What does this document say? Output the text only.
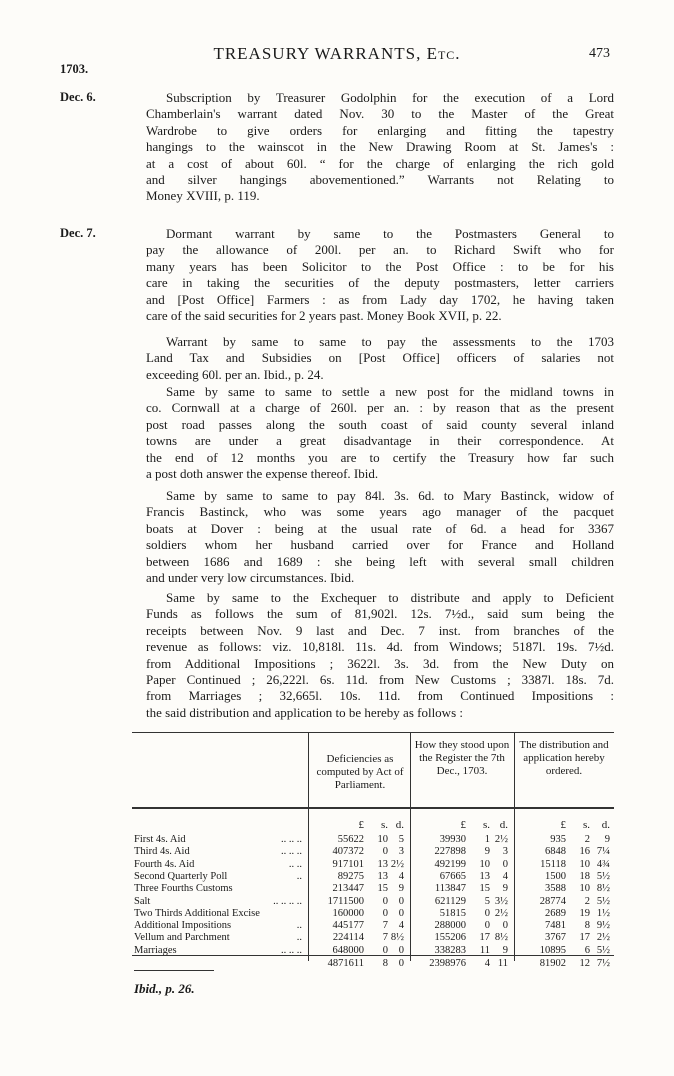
TREASURY WARRANTS, Etc.	473
1703.
Dec. 6.	Subscription by Treasurer Godolphin for the execution of a Lord
Chamberlain's warrant dated Nov. 30 to the Master of the Great
Wardrobe to give orders for enlarging and fitting the tapestry
hangings to the wainscot in the New Drawing Room at St. James's :
at a cost of about 60l. “ for the charge of enlarging the rich gold
and silver hangings abovementioned.” Warrants not Relating to
Money XVIII, p. 119.
Dec. 7.	Dormant warrant by same to the Postmasters General to
pay the allowance of 200l. per an. to Richard Swift who for
many years has been Solicitor to the Post Office : to be for his
care in taking the securities of the deputy postmasters, letter carriers
and [Post Office] Farmers : as from Lady day 1702, he having taken
care of the said securities for 2 years past. Money Book XVII, p. 22.
Warrant by same to same to pay the assessments to the 1703
Land Tax and Subsidies on [Post Office] officers of salaries not
exceeding 60l. per an. Ibid., p. 24.
Same by same to same to settle a new post for the midland towns in
co. Cornwall at a charge of 260l. per an. : by reason that as the present
post road passes along the south coast of said county several inland
towns are under a great disadvantage in their correspondence. At
the end of 12 months you are to certify the Treasury how far such
a post doth answer the expense thereof. Ibid.
Same by same to same to pay 84l. 3s. 6d. to Mary Bastinck, widow of
Francis Bastinck, who was some years ago manager of the pacquet
boats at Dover : being at the usual rate of 6d. a head for 3367
soldiers whom her husband carried over for France and Holland
between 1686 and 1689 : she being left with several small children
and under very low circumstances. Ibid.
Same by same to the Exchequer to distribute and apply to Deficient
Funds as follows the sum of 81,902l. 12s. 7½d., said sum being the
receipts between Nov. 9 last and Dec. 7 inst. from branches of the
revenue as follows: viz. 10,818l. 11s. 4d. from Windows; 5187l. 19s. 7½d.
from Additional Impositions ; 3622l. 3s. 3d. from the New Duty on
Paper Continued ; 26,222l. 6s. 11d. from New Customs ; 3387l. 18s. 7d.
from Marriages ; 32,665l. 10s. 11d. from Continued Impositions :
the said distribution and application to be hereby as follows :
Deficiencies as computed by Act of Parliament.
How they stood upon the Register the 7th Dec., 1703.
The distribution and application hereby ordered.
£	s. d.	£	s. d.	£	s.	d.
First 4s. Aid	.. .. ..	55622	10	5	39930	1 2½	935	2	9
Third 4s. Aid	.. .. ..	407372	0	3	227898	9	3	6848	16 7¼
Fourth 4s. Aid	.. ..	917101	13 2½	492199	10	0	15118	10 4¾
Second Quarterly Poll	..	89275	13	4	67665	13	4	1500	18 5½
Three Fourths Customs	213447	15	9	113847	15	9	3588	10 8½
Salt	.. .. .. ..	1711500	0	0	621129	5 3½	28774	2 5½
Two Thirds Additional Excise	160000	0	0	51815	0 2½	2689	19 1½
Additional Impositions	..	445177	7	4	288000	0	0	7481	8 9½
Vellum and Parchment	..	224114	7 8½	155206	17 8½	3767	17 2½
Marriages	.. .. ..	648000	0	0	338283	11	9	10895	6 5½
4871611	8	0	2398976	4 11	81902	12 7½
Ibid., p. 26.
